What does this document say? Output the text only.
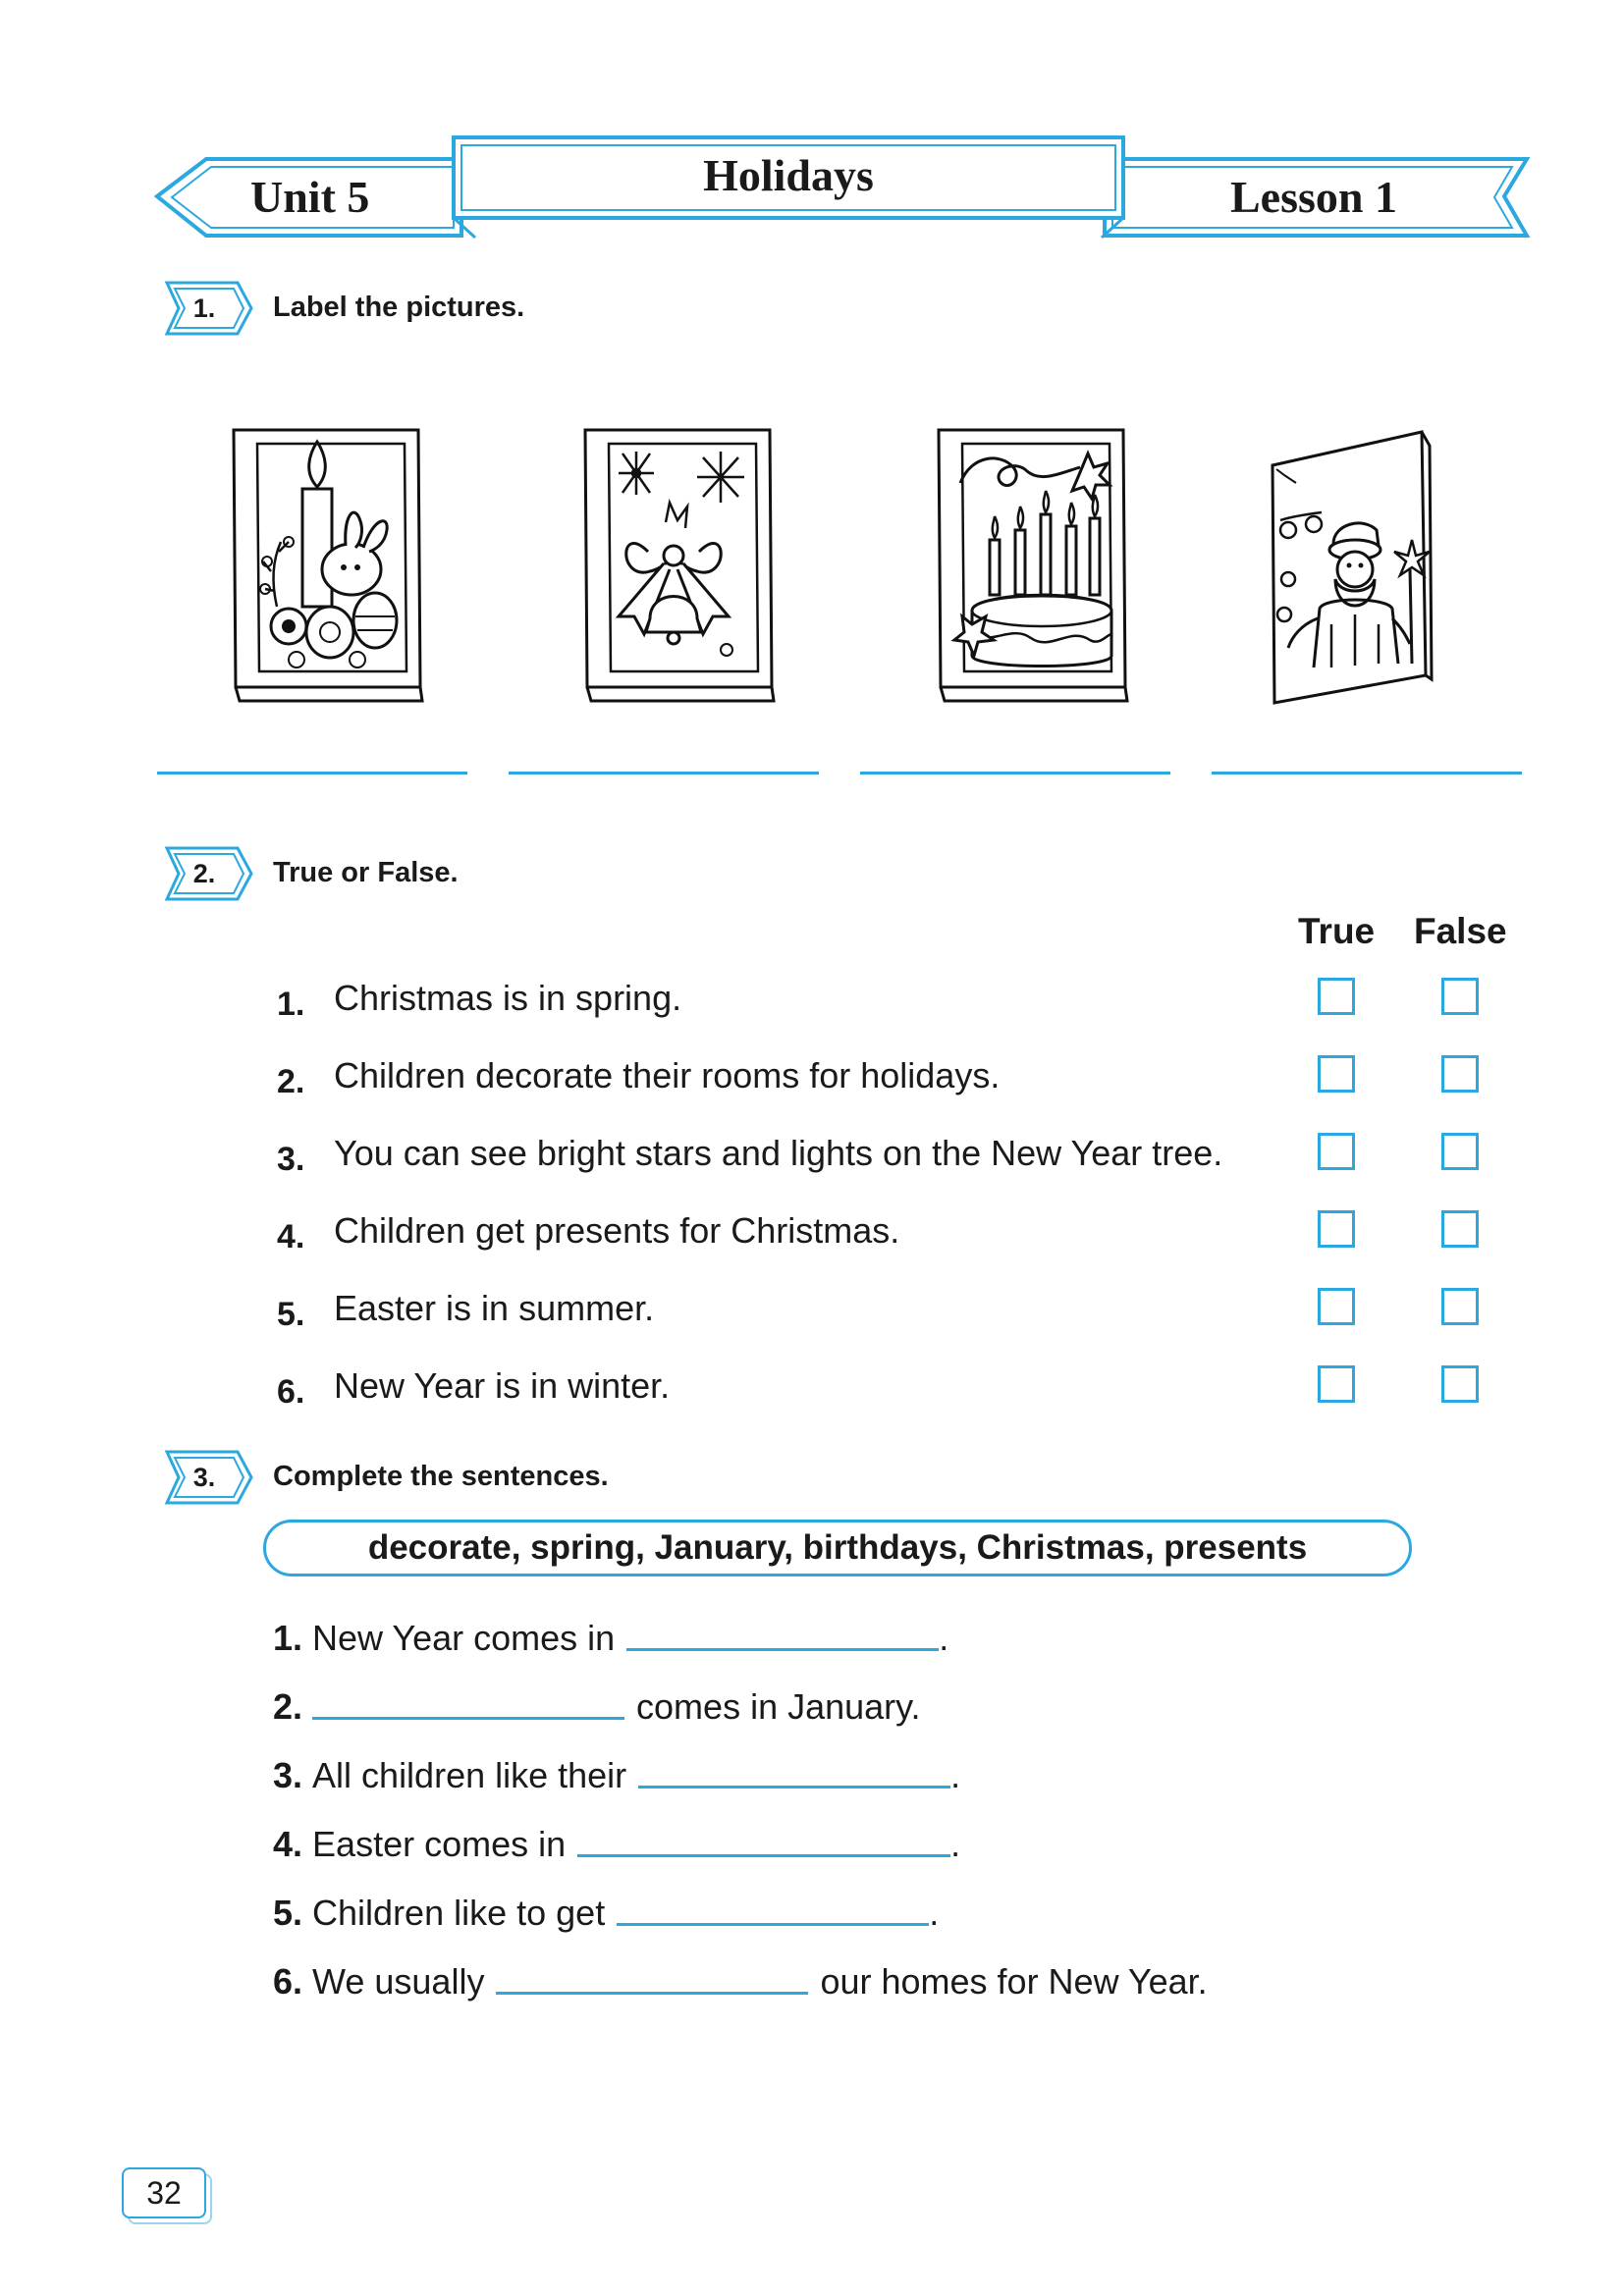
Unit 5	Holidays	Lesson 1
1.	Label the pictures.
2.	True or False.
True False
1. Christmas is in spring.
2. Children decorate their rooms for holidays.
3. You can see bright stars and lights on the New Year tree.
4. Children get presents for Christmas.
5. Easter is in summer.
6. New Year is in winter.
3.	Complete the sentences.
decorate, spring, January, birthdays, Christmas, presents
1. New Year comes in	.
2.	comes in January.
3. All children like their	.
4. Easter comes in	.
5. Children like to get	.
6. We usually	our homes for New Year.
32
